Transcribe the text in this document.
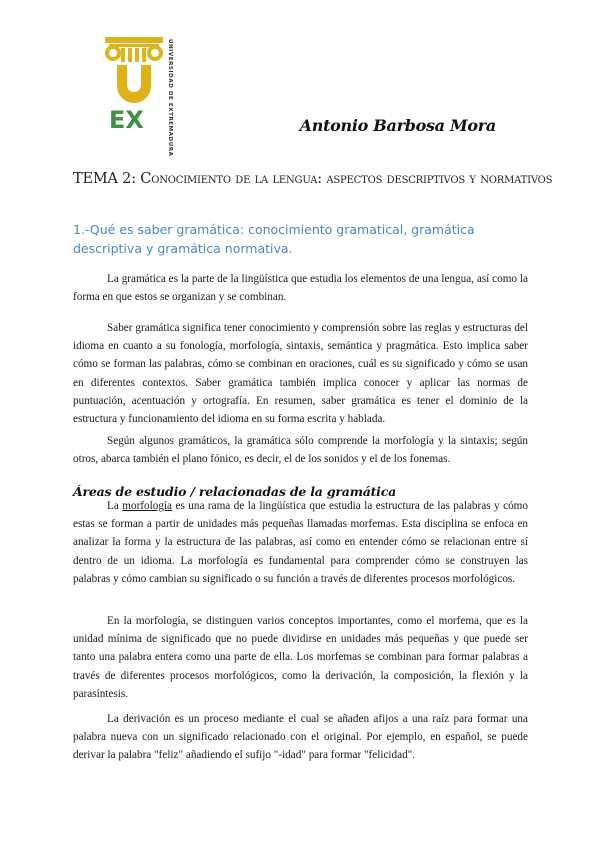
EX	UNIVERSIDAD DE EXTREMADURA	Antonio Barbosa Mora
TEMA 2: Conocimiento de la lengua: aspectos descriptivos y normativos
1.-Qué es saber gramática: conocimiento gramatical, gramática descriptiva y gramática normativa.

La gramática es la parte de la lingüística que estudia los elementos de una lengua, así como la forma en que estos se organizan y se combinan.

Saber gramática significa tener conocimiento y comprensión sobre las reglas y estructuras del idioma en cuanto a su fonología, morfología, sintaxis, semántica y pragmática. Esto implica saber cómo se forman las palabras, cómo se combinan en oraciones, cuál es su significado y cómo se usan en diferentes contextos. Saber gramática también implica conocer y aplicar las normas de puntuación, acentuación y ortografía. En resumen, saber gramática es tener el dominio de la estructura y funcionamiento del idioma en su forma escrita y hablada.

Según algunos gramáticos, la gramática sólo comprende la morfología y la sintaxis; según otros, abarca también el plano fónico, es decir, el de los sonidos y el de los fonemas.

Áreas de estudio / relacionadas de la gramática

La morfología es una rama de la lingüística que estudia la estructura de las palabras y cómo estas se forman a partir de unidades más pequeñas llamadas morfemas. Esta disciplina se enfoca en analizar la forma y la estructura de las palabras, así como en entender cómo se relacionan entre sí dentro de un idioma. La morfología es fundamental para comprender cómo se construyen las palabras y cómo cambian su significado o su función a través de diferentes procesos morfológicos.

En la morfología, se distinguen varios conceptos importantes, como el morfema, que es la unidad mínima de significado que no puede dividirse en unidades más pequeñas y que puede ser tanto una palabra entera como una parte de ella. Los morfemas se combinan para formar palabras a través de diferentes procesos morfológicos, como la derivación, la composición, la flexión y la parasíntesis.

La derivación es un proceso mediante el cual se añaden afijos a una raíz para formar una palabra nueva con un significado relacionado con el original. Por ejemplo, en español, se puede derivar la palabra "feliz" añadiendo el sufijo "-idad" para formar "felicidad".
